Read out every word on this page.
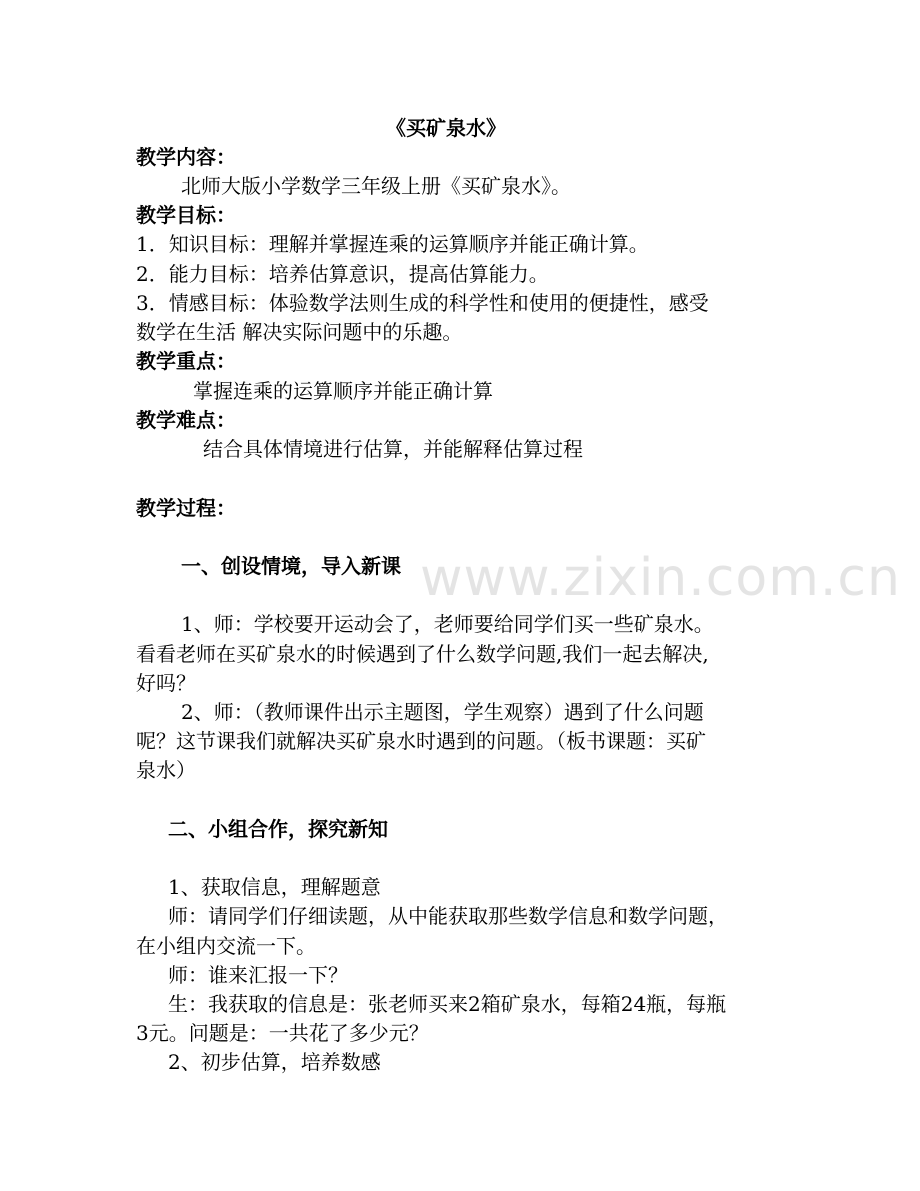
www.zixin.com.cn
《买矿泉水》
教学内容：
北师大版小学数学三年级上册《买矿泉水》。
教学目标：
1．知识目标：理解并掌握连乘的运算顺序并能正确计算。
2．能力目标：培养估算意识，提高估算能力。
3．情感目标：体验数学法则生成的科学性和使用的便捷性，感受
数学在生活 解决实际问题中的乐趣。
教学重点：
掌握连乘的运算顺序并能正确计算
教学难点：
结合具体情境进行估算，并能解释估算过程
教学过程：
一、创设情境，导入新课
1、师：学校要开运动会了，老师要给同学们买一些矿泉水。
看看老师在买矿泉水的时候遇到了什么数学问题,我们一起去解决,
好吗？
2、师：（教师课件出示主题图，学生观察）遇到了什么问题
呢？这节课我们就解决买矿泉水时遇到的问题。（板书课题：买矿
泉水）
二、小组合作，探究新知
1、获取信息，理解题意
师：请同学们仔细读题，从中能获取那些数学信息和数学问题，
在小组内交流一下。
师：谁来汇报一下？
生：我获取的信息是：张老师买来2箱矿泉水，每箱24瓶，每瓶
3元。问题是：一共花了多少元？
2、初步估算，培养数感
